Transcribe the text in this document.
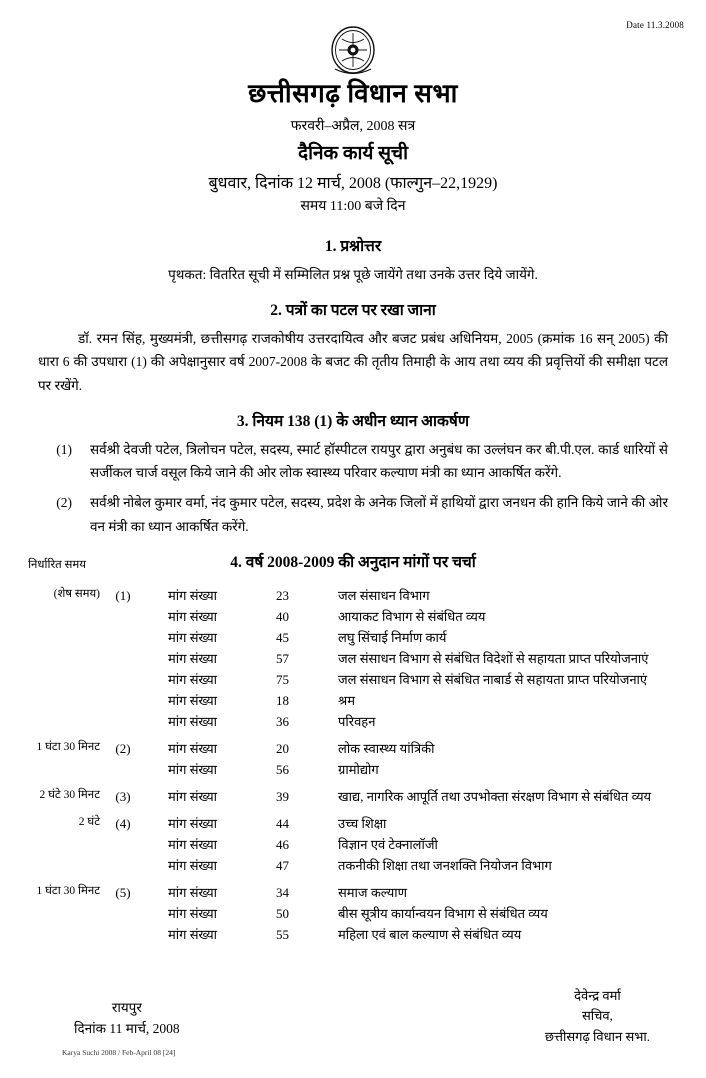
Date 11.3.2008
छत्तीसगढ़ विधान सभा
फरवरी–अप्रैल, 2008 सत्र
दैनिक कार्य सूची
बुधवार, दिनांक 12 मार्च, 2008 (फाल्गुन–22,1929)
समय 11:00 बजे दिन
1. प्रश्नोत्तर
पृथकत: वितरित सूची में सम्मिलित प्रश्न पूछे जायेंगे तथा उनके उत्तर दिये जायेंगे.
2. पत्रों का पटल पर रखा जाना
डॉ. रमन सिंह, मुख्यमंत्री, छत्तीसगढ़ राजकोषीय उत्तरदायित्व और बजट प्रबंध अधिनियम, 2005 (क्रमांक 16 सन् 2005) की धारा 6 की उपधारा (1) की अपेक्षानुसार वर्ष 2007-2008 के बजट की तृतीय तिमाही के आय तथा व्यय की प्रवृत्तियों की समीक्षा पटल पर रखेंगे.
3. नियम 138 (1) के अधीन ध्यान आकर्षण
(1)	सर्वश्री देवजी पटेल, त्रिलोचन पटेल, सदस्य, स्मार्ट हॉस्पीटल रायपुर द्वारा अनुबंध का उल्लंघन कर बी.पी.एल. कार्ड धारियों से सर्जीकल चार्ज वसूल किये जाने की ओर लोक स्वास्थ्य परिवार कल्याण मंत्री का ध्यान आकर्षित करेंगे.
(2)	सर्वश्री नोबेल कुमार वर्मा, नंद कुमार पटेल, सदस्य, प्रदेश के अनेक जिलों में हाथियों द्वारा जनधन की हानि किये जाने की ओर वन मंत्री का ध्यान आकर्षित करेंगे.
4. वर्ष 2008-2009 की अनुदान मांगों पर चर्चा
निर्धारित समय
(शेष समय)	(1)	मांग संख्या	23	जल संसाधन विभाग
		मांग संख्या	40	आयाकट विभाग से संबंधित व्यय
		मांग संख्या	45	लघु सिंचाई निर्माण कार्य
		मांग संख्या	57	जल संसाधन विभाग से संबंधित विदेशों से सहायता प्राप्त परियोजनाएं
		मांग संख्या	75	जल संसाधन विभाग से संबंधित नाबार्ड से सहायता प्राप्त परियोजनाएं
		मांग संख्या	18	श्रम
		मांग संख्या	36	परिवहन
1 घंटा 30 मिनट	(2)	मांग संख्या	20	लोक स्वास्थ्य यांत्रिकी
		मांग संख्या	56	ग्रामोद्योग
2 घंटे 30 मिनट	(3)	मांग संख्या	39	खाद्य, नागरिक आपूर्ति तथा उपभोक्ता संरक्षण विभाग से संबंधित व्यय
2 घंटे	(4)	मांग संख्या	44	उच्च शिक्षा
		मांग संख्या	46	विज्ञान एवं टेक्नालॉजी
		मांग संख्या	47	तकनीकी शिक्षा तथा जनशक्ति नियोजन विभाग
1 घंटा 30 मिनट	(5)	मांग संख्या	34	समाज कल्याण
		मांग संख्या	50	बीस सूत्रीय कार्यान्वयन विभाग से संबंधित व्यय
		मांग संख्या	55	महिला एवं बाल कल्याण से संबंधित व्यय
रायपुर
दिनांक 11 मार्च, 2008
देवेन्द्र वर्मा
सचिव,
छत्तीसगढ़ विधान सभा.
Karya Suchi 2008 / Feb-April 08 [24]
